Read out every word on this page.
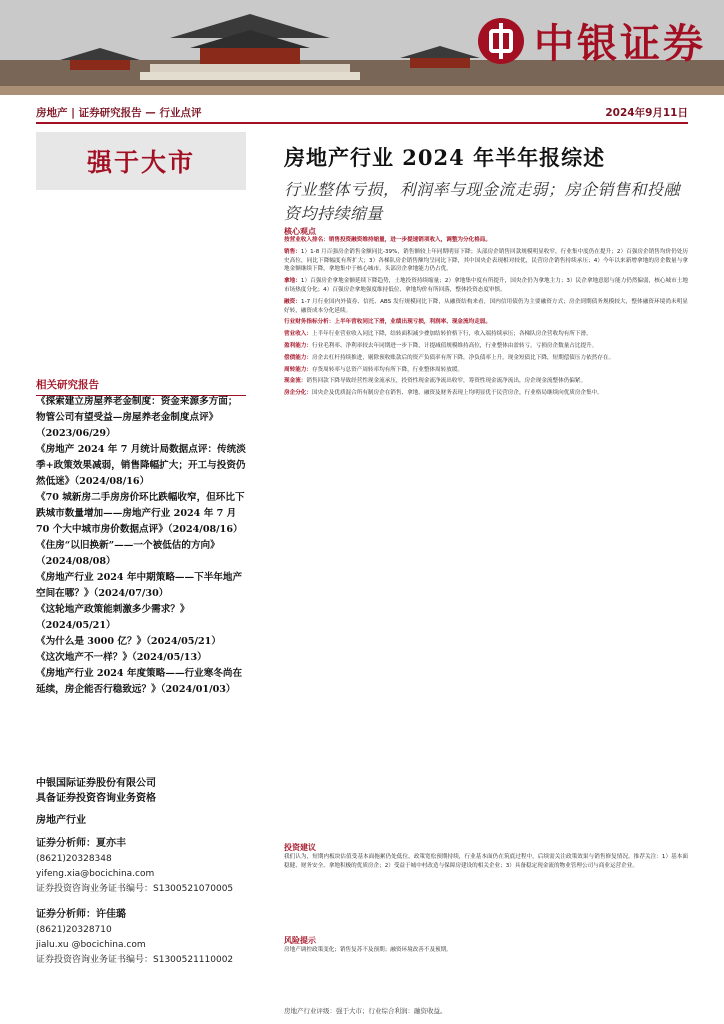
中银证券
房地产 | 证券研究报告 — 行业点评	2024年9月11日
强于大市
相关研究报告
《探索建立房屋养老金制度：资金来源多方面；物管公司有望受益—房屋养老金制度点评》（2023/06/29）
《房地产 2024 年 7 月统计局数据点评：传统淡季+政策效果减弱，销售降幅扩大；开工与投资仍然低迷》（2024/08/16）
《70 城新房二手房房价环比跌幅收窄，但环比下跌城市数量增加——房地产行业 2024 年 7 月 70 个大中城市房价数据点评》（2024/08/16）
《住房“以旧换新”——一个被低估的方向》（2024/08/08）
《房地产行业 2024 年中期策略——下半年地产空间在哪？》（2024/07/30）
《这轮地产政策能刺激多少需求？》（2024/05/21）
《为什么是 3000 亿？》（2024/05/21）
《这次地产不一样？》（2024/05/13）
《房地产行业 2024 年度策略——行业寒冬尚在延续，房企能否行稳致远？》（2024/01/03）
中银国际证券股份有限公司
具备证券投资咨询业务资格
房地产行业
证券分析师：夏亦丰
(8621)20328348
yifeng.xia@bocichina.com
证券投资咨询业务证书编号：S1300521070005
证券分析师：许佳璐
(8621)20328710
jialu.xu @bocichina.com
证券投资咨询业务证书编号：S1300521110002
房地产行业 2024 年半年报综述
行业整体亏损，利润率与现金流走弱；房企销售和投融资均持续缩量
核心观点
按营业收入排名：销售投资融资维持缩量，进一步提速销项收入，调整为分化格局。
销售：1）1-8 月百强房企销售金额同比-39%，销售额较上年同期明显下降；头部房企销售回款规模明显收窄，行业集中度仍在提升；2）百强房企销售均价仍处历史高位，同比下降幅度有所扩大；3）各梯队房企销售额均呈同比下降，其中国央企表现相对较优，民营房企销售持续承压；4）今年以来新增拿地的房企数量与拿地金额继续下降，拿地集中于核心城市，头部房企拿地能力仍占优。
拿地：1）百强房企拿地金额延续下降趋势，土地投资持续缩量；2）拿地集中度有所提升，国央企仍为拿地主力；3）民企拿地意愿与能力仍然偏弱，核心城市土地市场热度分化；4）百强房企拿地强度维持低位，拿地均价有所回落，整体投资态度审慎。
融资：1-7 月行业国内外债券、信托、ABS 发行规模同比下降，从融资结构来看，国内信用债仍为主要融资方式；房企到期债务规模较大，整体融资环境尚未明显好转，融资成本分化延续。
行业财务指标分析：上半年营收同比下滑，业绩出现亏损，利润率、现金流均走弱。
营业收入：上半年行业营业收入同比下降，结转面积减少叠加结转价格下行，收入端持续承压；各梯队房企营收均有所下滑。
盈利能力：行业毛利率、净利率较去年同期进一步下降，计提减值规模维持高位，行业整体由盈转亏，亏损房企数量占比提升。
偿债能力：房企去杠杆持续推进，剔除预收账款后的资产负债率有所下降，净负债率上升，现金短债比下降，短期偿债压力依然存在。
周转能力：存货周转率与总资产周转率均有所下降，行业整体周转放缓。
现金流：销售回款下降导致经营性现金流承压，投资性现金流净流出收窄，筹资性现金流净流出，房企现金流整体仍偏紧。
房企分化：国央企及优质混合所有制房企在销售、拿地、融资及财务表现上均明显优于民营房企，行业格局继续向优质房企集中。
投资建议
我们认为，短期内板块估值受基本面拖累仍处低位，政策宽松预期持续，行业基本面仍在筑底过程中，后续需关注政策效果与销售修复情况。推荐关注：1）基本面稳健、财务安全、拿地积极的优质房企；2）受益于城中村改造与保障房建设的相关企业；3）具备稳定现金流的物业管理公司与商业运营企业。
风险提示
房地产调控政策变化；销售复苏不及预期；融资环境改善不及预期。
房地产行业评级：强于大市；行业综合利润：融资收益。
